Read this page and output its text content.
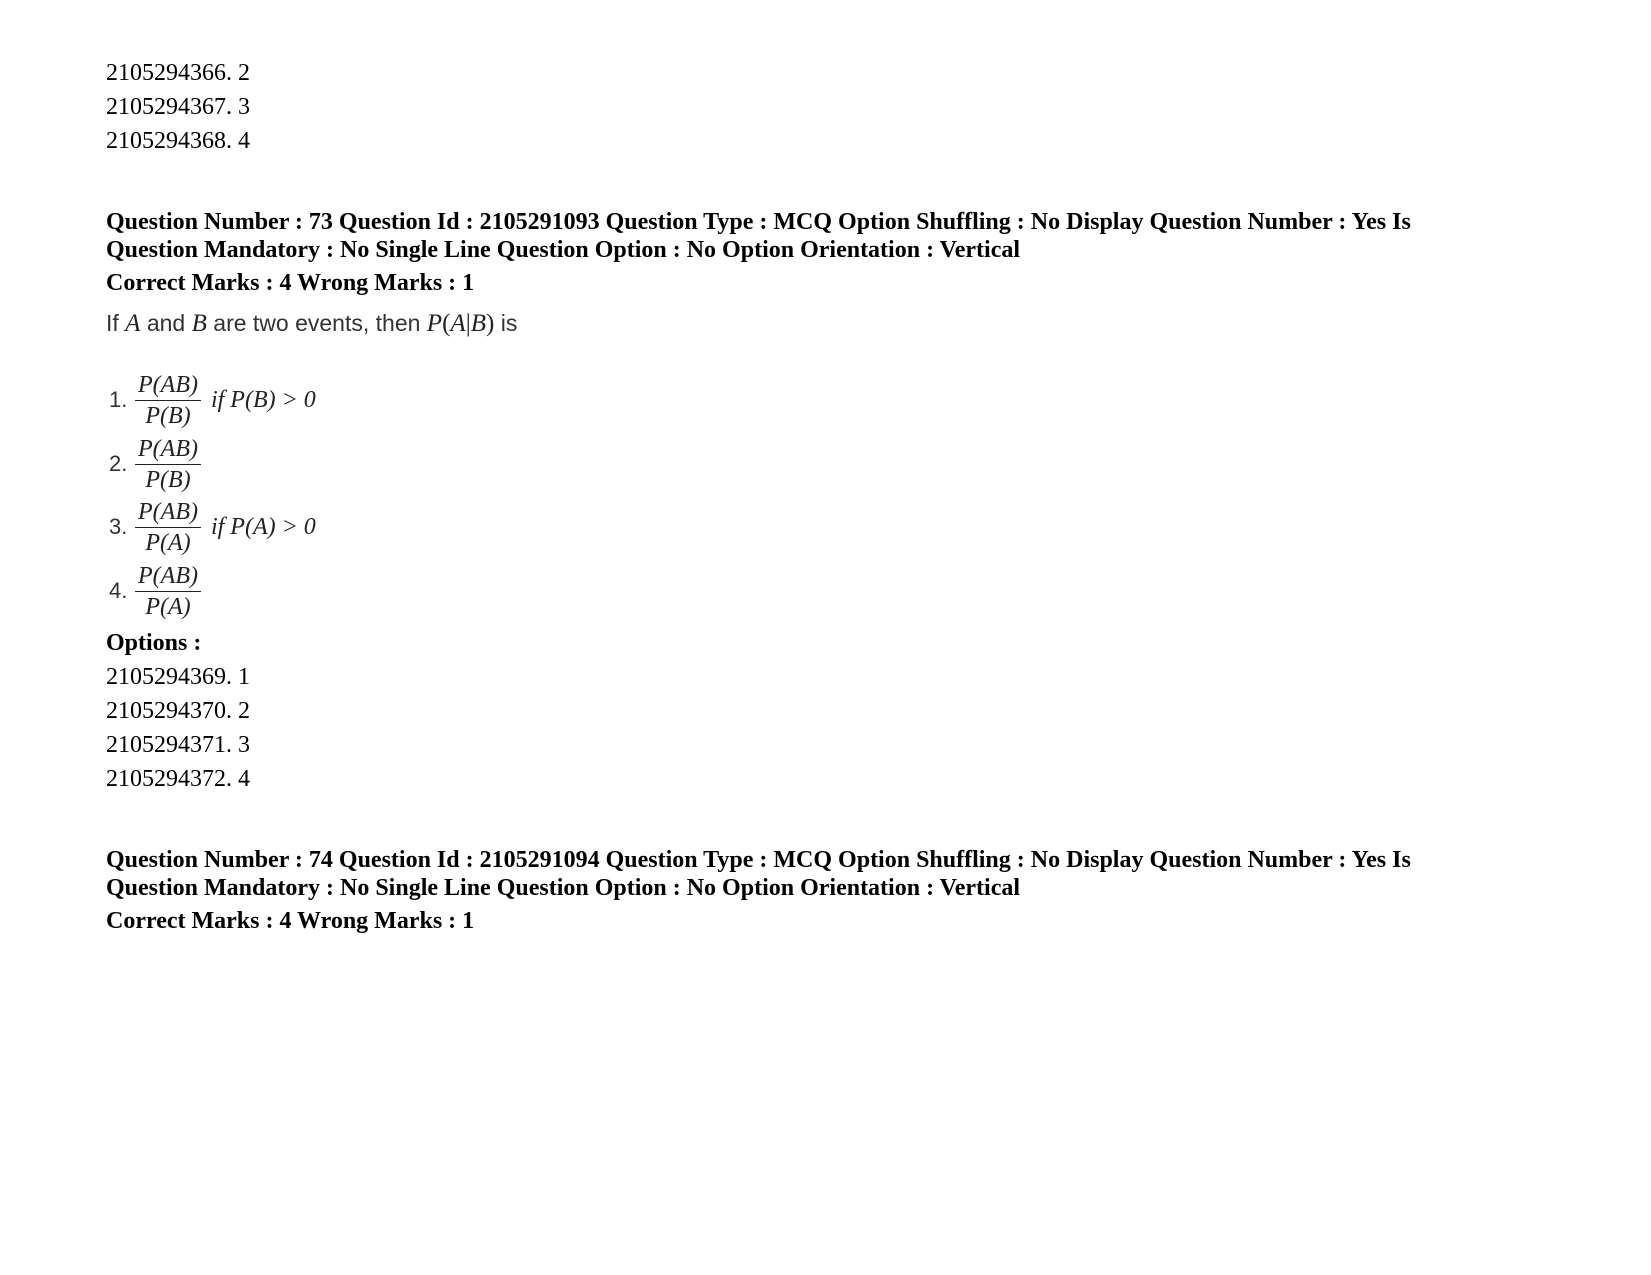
2105294366. 2
2105294367. 3
2105294368. 4
Question Number : 73 Question Id : 2105291093 Question Type : MCQ Option Shuffling : No Display Question Number : Yes Is
Question Mandatory : No Single Line Question Option : No Option Orientation : Vertical
Correct Marks : 4 Wrong Marks : 1
If A and B are two events, then P(A|B) is
1. $\frac{P(AB)}{P(B)}$ if P(B) > 0
2. $\frac{P(AB)}{P(B)}$
3. $\frac{P(AB)}{P(A)}$ if P(A) > 0
4. $\frac{P(AB)}{P(A)}$
Options :
2105294369. 1
2105294370. 2
2105294371. 3
2105294372. 4
Question Number : 74 Question Id : 2105291094 Question Type : MCQ Option Shuffling : No Display Question Number : Yes Is
Question Mandatory : No Single Line Question Option : No Option Orientation : Vertical
Correct Marks : 4 Wrong Marks : 1
